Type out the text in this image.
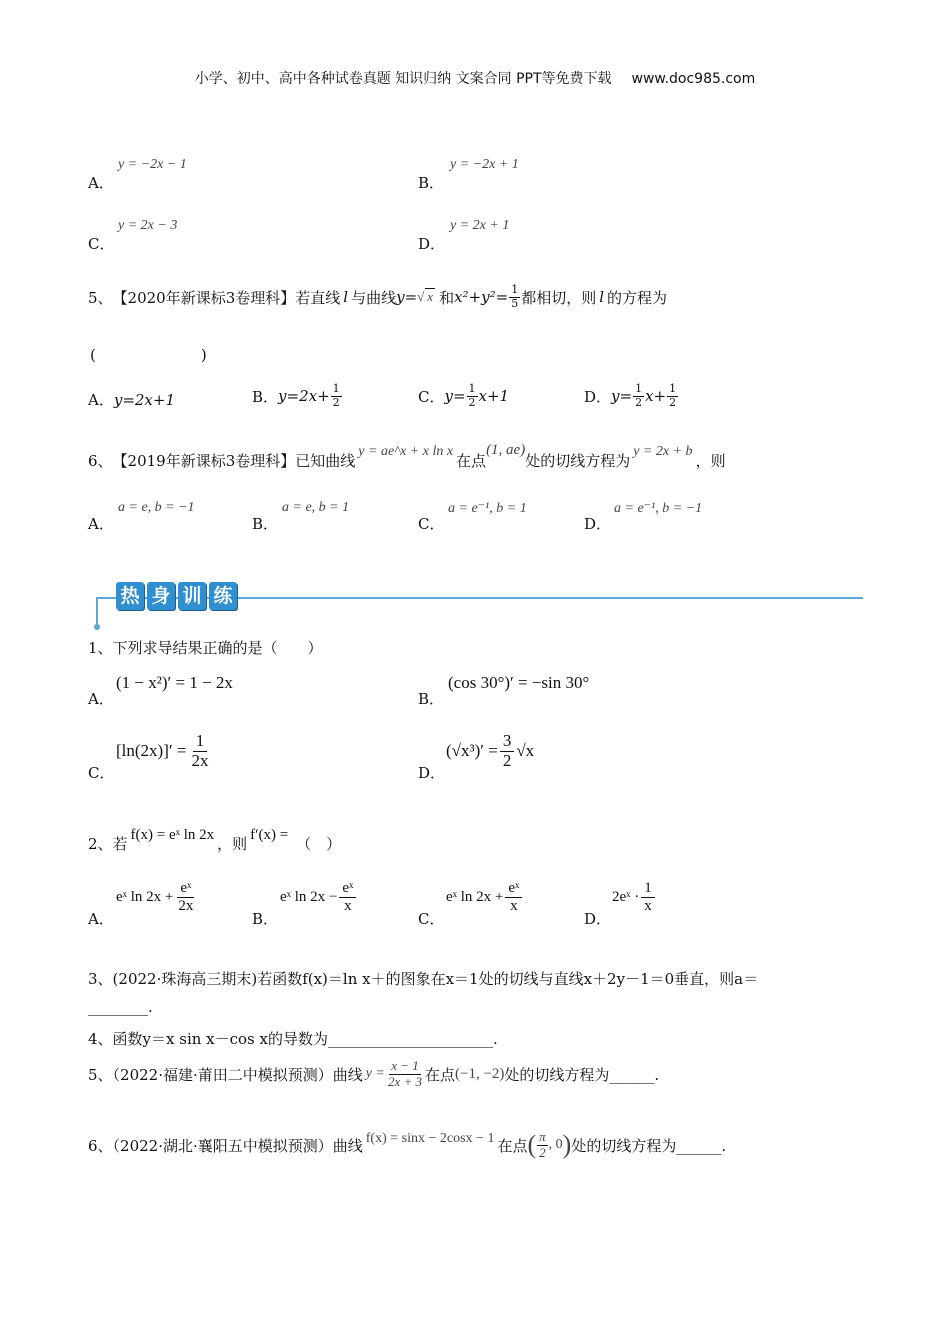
小学、初中、高中各种试卷真题 知识归纳 文案合同 PPT等免费下载 www.doc985.com
A．
y = −2x − 1
B．
y = −2x + 1
C．
y = 2x − 3
D．
y = 2x + 1
5、 【2020年新课标3卷理科】 若直线 l 与曲线 y=
√ x 和 $x^2+y^2= \frac{1}{5}$ 都相切，则 l 的方程为
(　　　　　　　)
A． y=2x+1	B． $y=2x+ \frac{1}{2}$	C． $y= \frac{1}{2} x+1$	D． $y= \frac{1}{2} x+ \frac{1}{2}$
6、 【2019年新课标3卷理科】 已知曲线 y = ae^x + x ln x 在点
(1, ae)
处的切线方程为 y = 2x + b ，则
A．
a = e, b = −1
B．
a = e, b = 1
C．
a = e⁻¹, b = 1
D．
a = e⁻¹, b = −1
热 身 训 练
1、下列求导结果正确的是（　　）
A．
(1 − x²)′ = 1 − 2x
B．
(cos 30°)′ = −sin 30°
C．
$[\ln(2x)]' = \frac{1}{2x}$
D．
$(√x^3)' = \frac{3}{2} √x$
2、若 f(x) = eˣ ln 2x ，则 f′(x) = （　）
A．
eˣ $\ln 2x + \frac{\text{eˣ}}{2x}$
B．
eˣ $\ln 2x - \frac{\text{eˣ}}{x}$
C．
eˣ $\ln 2x + \frac{\text{eˣ}}{x}$
D．
2eˣ · $\frac{1}{x}$
3、(2022·珠海高三期末)若函数f(x)＝ln x＋的图象在x＝1处的切线与直线x＋2y－1＝0垂直，则a＝
________.
4、函数y＝x sin x－cos x的导数为______________________.
5、（2022·福建·莆田二中模拟预测）曲线 $y = \frac{x - 1}{2x + 3}$ 在点 (−1, −2) 处的切线方程为______.
6、（2022·湖北·襄阳五中模拟预测）曲线 f(x) = sinx − 2cosx − 1 在点 ( $\frac{\pi}{2}$ , 0 ) 处的切线方程为______.
